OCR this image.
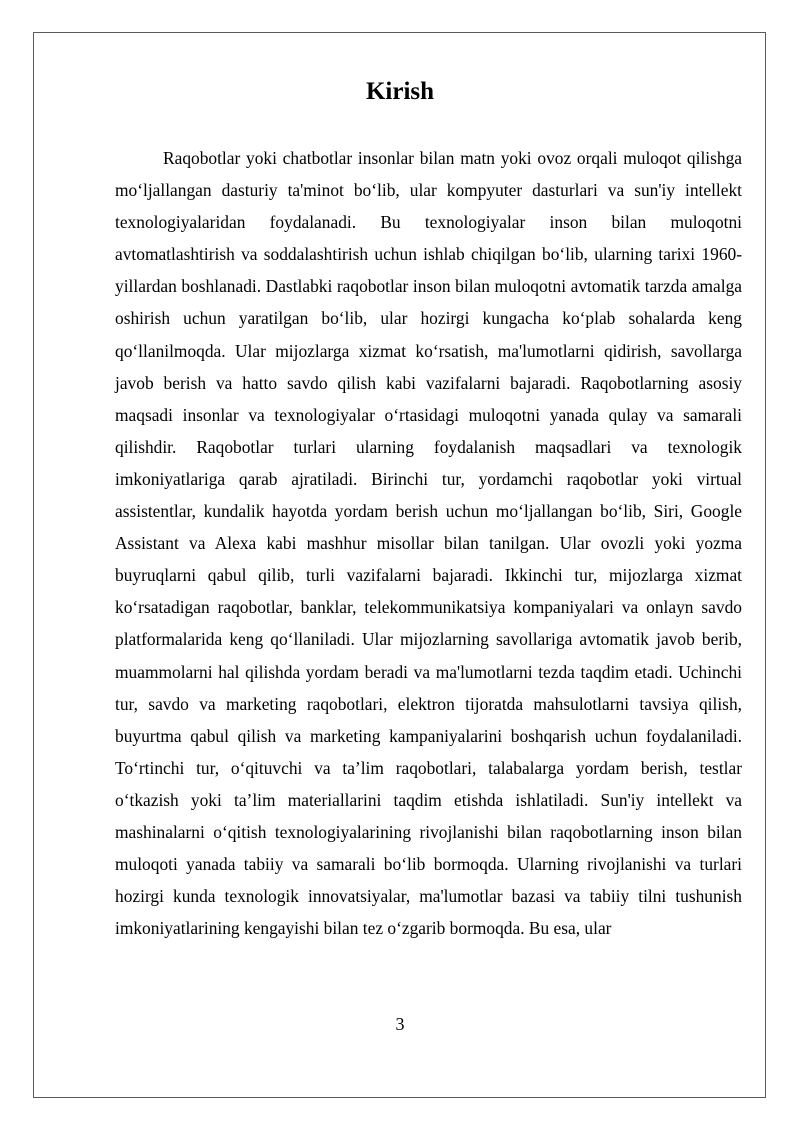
Kirish

Raqobotlar yoki chatbotlar insonlar bilan matn yoki ovoz orqali muloqot qilishga mo‘ljallangan dasturiy ta'minot bo‘lib, ular kompyuter dasturlari va sun'iy intellekt texnologiyalaridan foydalanadi. Bu texnologiyalar inson bilan muloqotni avtomatlashtirish va soddalashtirish uchun ishlab chiqilgan bo‘lib, ularning tarixi 1960-yillardan boshlanadi. Dastlabki raqobotlar inson bilan muloqotni avtomatik tarzda amalga oshirish uchun yaratilgan bo‘lib, ular hozirgi kungacha ko‘plab sohalarda keng qo‘llanilmoqda. Ular mijozlarga xizmat ko‘rsatish, ma'lumotlarni qidirish, savollarga javob berish va hatto savdo qilish kabi vazifalarni bajaradi. Raqobotlarning asosiy maqsadi insonlar va texnologiyalar o‘rtasidagi muloqotni yanada qulay va samarali qilishdir. Raqobotlar turlari ularning foydalanish maqsadlari va texnologik imkoniyatlariga qarab ajratiladi. Birinchi tur, yordamchi raqobotlar yoki virtual assistentlar, kundalik hayotda yordam berish uchun mo‘ljallangan bo‘lib, Siri, Google Assistant va Alexa kabi mashhur misollar bilan tanilgan. Ular ovozli yoki yozma buyruqlarni qabul qilib, turli vazifalarni bajaradi. Ikkinchi tur, mijozlarga xizmat ko‘rsatadigan raqobotlar, banklar, telekommunikatsiya kompaniyalari va onlayn savdo platformalarida keng qo‘llaniladi. Ular mijozlarning savollariga avtomatik javob berib, muammolarni hal qilishda yordam beradi va ma'lumotlarni tezda taqdim etadi. Uchinchi tur, savdo va marketing raqobotlari, elektron tijoratda mahsulotlarni tavsiya qilish, buyurtma qabul qilish va marketing kampaniyalarini boshqarish uchun foydalaniladi. To‘rtinchi tur, o‘qituvchi va ta’lim raqobotlari, talabalarga yordam berish, testlar o‘tkazish yoki ta’lim materiallarini taqdim etishda ishlatiladi. Sun'iy intellekt va mashinalarni o‘qitish texnologiyalarining rivojlanishi bilan raqobotlarning inson bilan muloqoti yanada tabiiy va samarali bo‘lib bormoqda. Ularning rivojlanishi va turlari hozirgi kunda texnologik innovatsiyalar, ma'lumotlar bazasi va tabiiy tilni tushunish imkoniyatlarining kengayishi bilan tez o‘zgarib bormoqda. Bu esa, ular

3
